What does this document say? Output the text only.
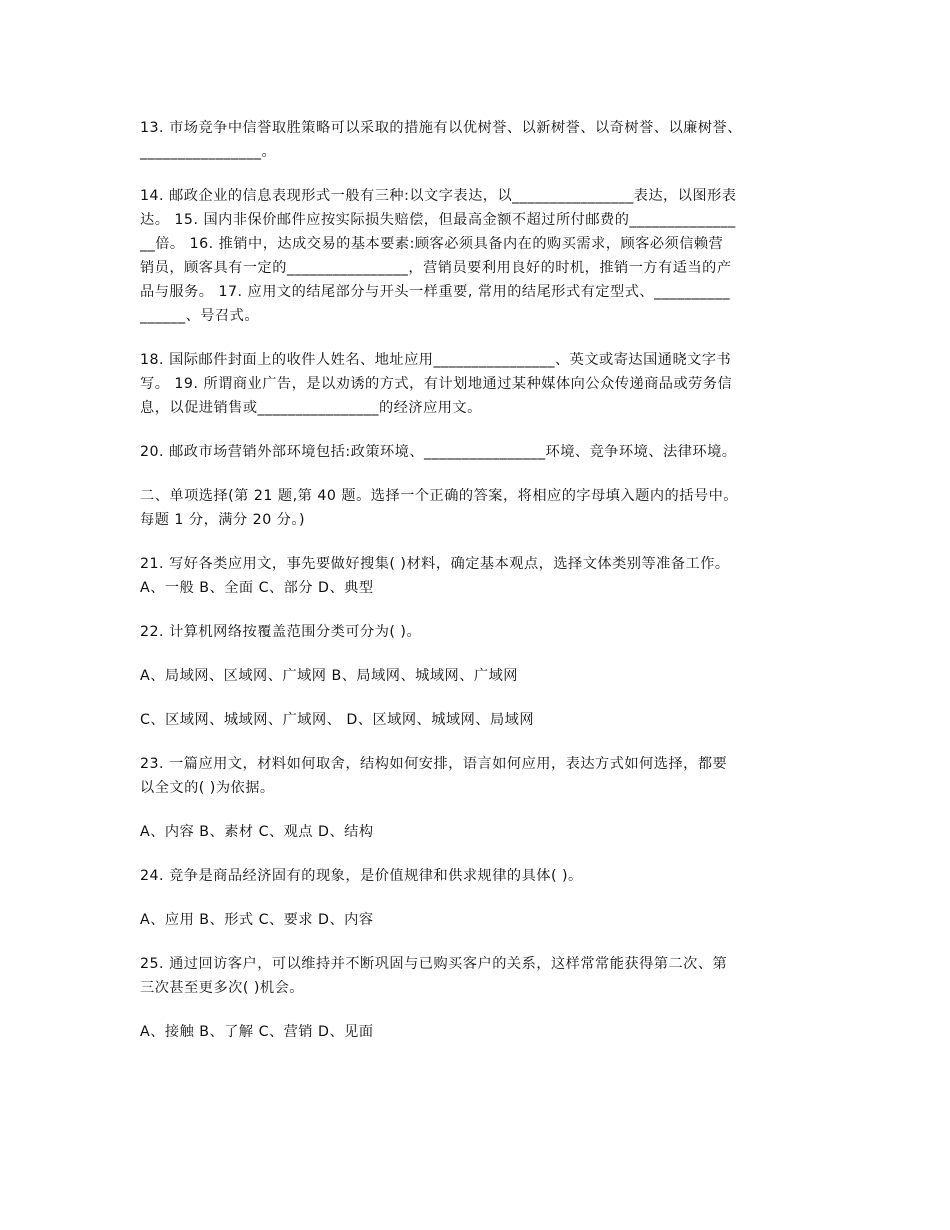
13. 市场竞争中信誉取胜策略可以采取的措施有以优树誉、以新树誉、以奇树誉、以廉树誉、
________________。

14. 邮政企业的信息表现形式一般有三种:以文字表达，以________________表达，以图形表
达。 15. 国内非保价邮件应按实际损失赔偿，但最高金额不超过所付邮费的______________
__倍。 16. 推销中，达成交易的基本要素:顾客必须具备内在的购买需求，顾客必须信赖营
销员，顾客具有一定的________________，营销员要利用良好的时机，推销一方有适当的产
品与服务。 17. 应用文的结尾部分与开头一样重要, 常用的结尾形式有定型式、__________
______、号召式。

18. 国际邮件封面上的收件人姓名、地址应用________________、英文或寄达国通晓文字书
写。 19. 所谓商业广告，是以劝诱的方式，有计划地通过某种媒体向公众传递商品或劳务信
息，以促进销售或________________的经济应用文。

20. 邮政市场营销外部环境包括:政策环境、________________环境、竞争环境、法律环境。

二、单项选择(第 21 题,第 40 题。选择一个正确的答案，将相应的字母填入题内的括号中。
每题 1 分，满分 20 分。)

21. 写好各类应用文，事先要做好搜集( )材料，确定基本观点，选择文体类别等准备工作。
A、一般 B、全面 C、部分 D、典型

22. 计算机网络按覆盖范围分类可分为( )。

A、局域网、区域网、广域网 B、局域网、城域网、广域网

C、区域网、城域网、广域网、 D、区域网、城域网、局域网

23. 一篇应用文，材料如何取舍，结构如何安排，语言如何应用，表达方式如何选择，都要
以全文的( )为依据。

A、内容 B、素材 C、观点 D、结构

24. 竞争是商品经济固有的现象，是价值规律和供求规律的具体( )。

A、应用 B、形式 C、要求 D、内容

25. 通过回访客户，可以维持并不断巩固与已购买客户的关系，这样常常能获得第二次、第
三次甚至更多次( )机会。

A、接触 B、了解 C、营销 D、见面
